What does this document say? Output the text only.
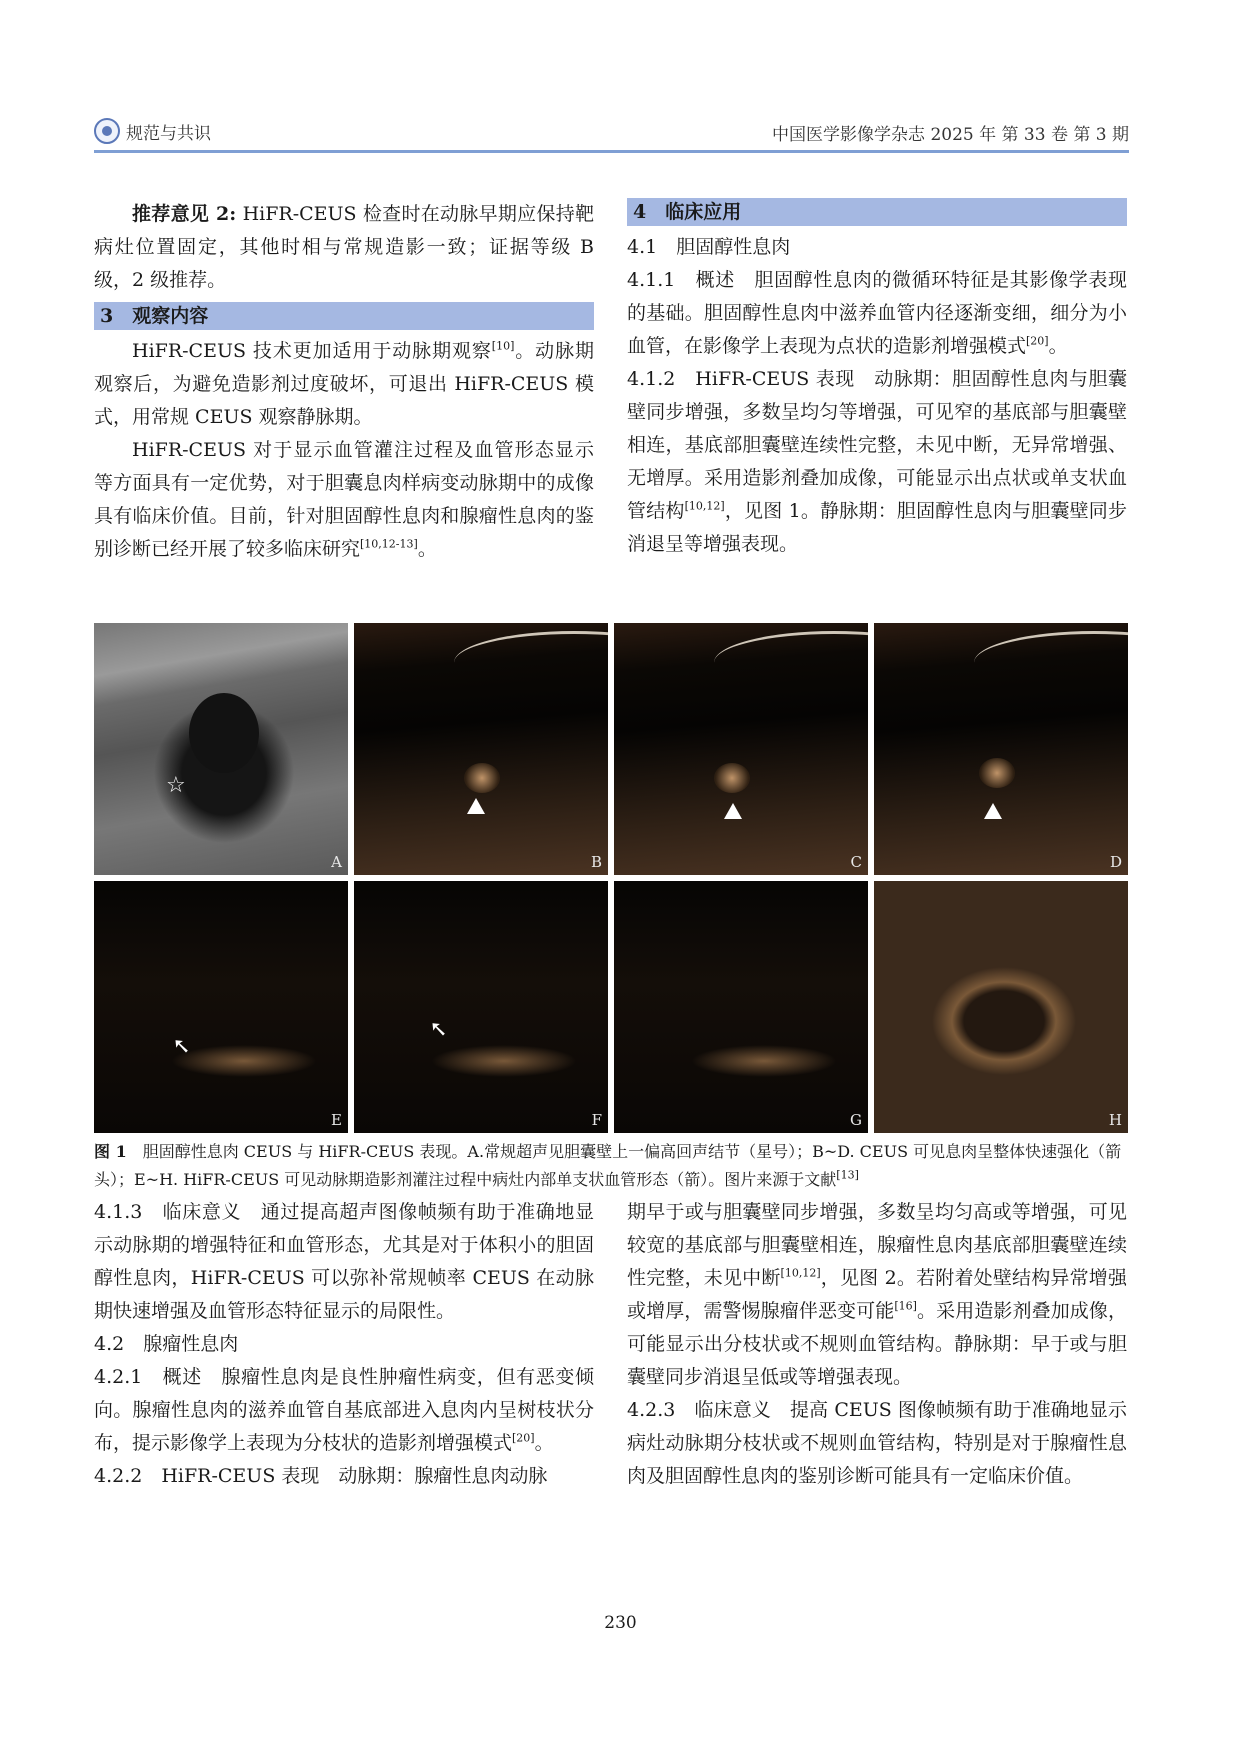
规范与共识	中国医学影像学杂志 2025 年 第 33 卷 第 3 期

推荐意见 2: HiFR-CEUS 检查时在动脉早期应保持靶病灶位置固定，其他时相与常规造影一致；证据等级 B 级，2 级推荐。

3　观察内容

HiFR-CEUS 技术更加适用于动脉期观察[10]。动脉期观察后，为避免造影剂过度破坏，可退出 HiFR-CEUS 模式，用常规 CEUS 观察静脉期。

HiFR-CEUS 对于显示血管灌注过程及血管形态显示等方面具有一定优势，对于胆囊息肉样病变动脉期中的成像具有临床价值。目前，针对胆固醇性息肉和腺瘤性息肉的鉴别诊断已经开展了较多临床研究[10,12-13]。

4　临床应用

4.1　胆固醇性息肉

4.1.1　概述　胆固醇性息肉的微循环特征是其影像学表现的基础。胆固醇性息肉中滋养血管内径逐渐变细，细分为小血管，在影像学上表现为点状的造影剂增强模式[20]。

4.1.2　HiFR-CEUS 表现　动脉期：胆固醇性息肉与胆囊壁同步增强，多数呈均匀等增强，可见窄的基底部与胆囊壁相连，基底部胆囊壁连续性完整，未见中断，无异常增强、无增厚。采用造影剂叠加成像，可能显示出点状或单支状血管结构[10,12]，见图 1。静脉期：胆固醇性息肉与胆囊壁同步消退呈等增强表现。

☆
A	B	C	D
➘
E
➘
F	G	H

图 1　胆固醇性息肉 CEUS 与 HiFR-CEUS 表现。A.常规超声见胆囊壁上一偏高回声结节（星号）；B~D. CEUS 可见息肉呈整体快速强化（箭头）；E~H. HiFR-CEUS 可见动脉期造影剂灌注过程中病灶内部单支状血管形态（箭）。图片来源于文献[13]

4.1.3　临床意义　通过提高超声图像帧频有助于准确地显示动脉期的增强特征和血管形态，尤其是对于体积小的胆固醇性息肉，HiFR-CEUS 可以弥补常规帧率 CEUS 在动脉期快速增强及血管形态特征显示的局限性。

4.2　腺瘤性息肉

4.2.1　概述　腺瘤性息肉是良性肿瘤性病变，但有恶变倾向。腺瘤性息肉的滋养血管自基底部进入息肉内呈树枝状分布，提示影像学上表现为分枝状的造影剂增强模式[20]。

4.2.2　HiFR-CEUS 表现　动脉期：腺瘤性息肉动脉

期早于或与胆囊壁同步增强，多数呈均匀高或等增强，可见较宽的基底部与胆囊壁相连，腺瘤性息肉基底部胆囊壁连续性完整，未见中断[10,12]，见图 2。若附着处壁结构异常增强或增厚，需警惕腺瘤伴恶变可能[16]。采用造影剂叠加成像，可能显示出分枝状或不规则血管结构。静脉期：早于或与胆囊壁同步消退呈低或等增强表现。

4.2.3　临床意义　提高 CEUS 图像帧频有助于准确地显示病灶动脉期分枝状或不规则血管结构，特别是对于腺瘤性息肉及胆固醇性息肉的鉴别诊断可能具有一定临床价值。

230
